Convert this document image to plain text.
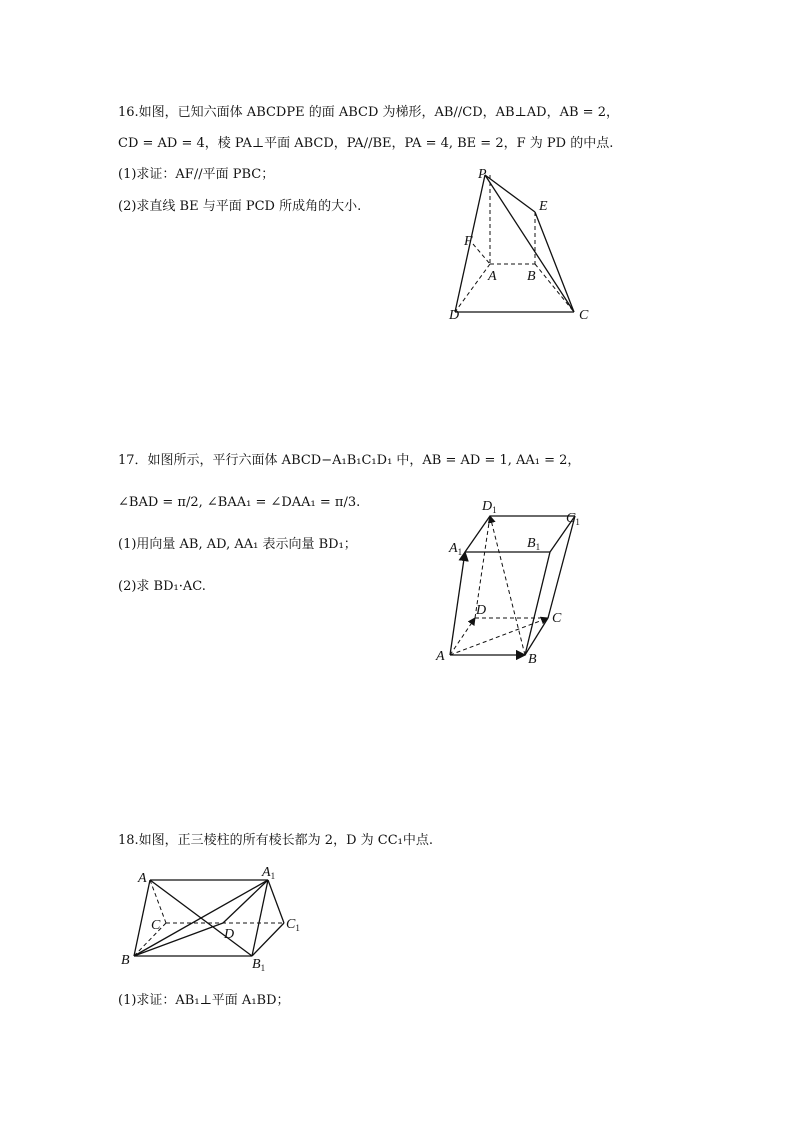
16.如图，已知六面体 ABCDPE 的面 ABCD 为梯形，AB//CD，AB⊥AD，AB = 2，
CD = AD = 4，棱 PA⊥平面 ABCD，PA//BE，PA = 4, BE = 2，F 为 PD 的中点.
(1)求证：AF//平面 PBC；
(2)求直线 BE 与平面 PCD 所成角的大小.
P
E
F
A B
D	C
17．如图所示，平行六面体 ABCD−A₁B₁C₁D₁ 中，AB = AD = 1, AA₁ = 2，
∠BAD = π/2, ∠BAA₁ = ∠DAA₁ = π/3.
(1)用向量 AB, AD, AA₁ 表示向量 BD₁；
(2)求 BD₁·AC.
$D_1$
$C_1$
$A_1$
$B_1$
D
C
A	B
18.如图，正三棱柱的所有棱长都为 2，D 为 CC₁中点.
A	$A_1$
C	$C_1$
D
B	$B_1$
(1)求证：AB₁⊥平面 A₁BD；
